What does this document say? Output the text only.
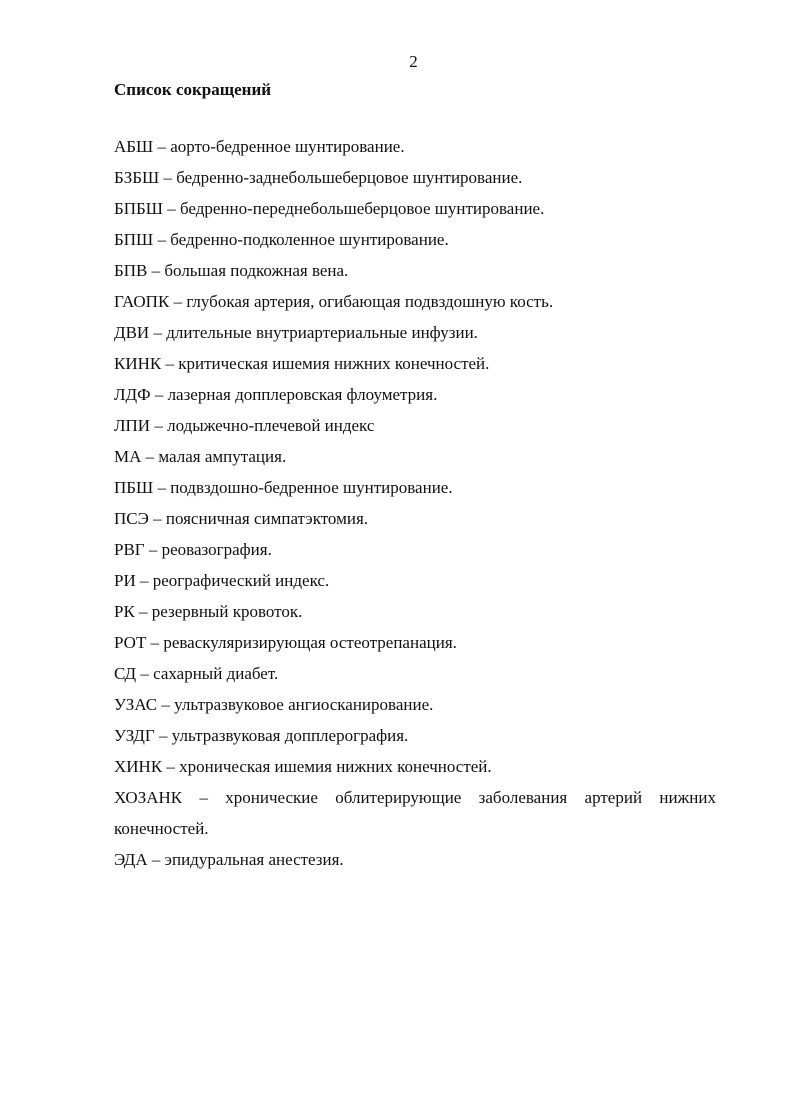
2
Список сокращений
АБШ – аорто-бедренное шунтирование.
БЗБШ – бедренно-заднебольшеберцовое шунтирование.
БПБШ – бедренно-переднебольшеберцовое шунтирование.
БПШ – бедренно-подколенное шунтирование.
БПВ – большая подкожная вена.
ГАОПК – глубокая артерия, огибающая подвздошную кость.
ДВИ – длительные внутриартериальные инфузии.
КИНК – критическая ишемия нижних конечностей.
ЛДФ – лазерная допплеровская флоуметрия.
ЛПИ – лодыжечно-плечевой индекс
МА – малая ампутация.
ПБШ – подвздошно-бедренное шунтирование.
ПСЭ – поясничная симпатэктомия.
РВГ – реовазография.
РИ – реографический индекс.
РК – резервный кровоток.
РОТ – реваскуляризирующая остеотрепанация.
СД – сахарный диабет.
УЗАС – ультразвуковое ангиосканирование.
УЗДГ – ультразвуковая допплерография.
ХИНК – хроническая ишемия нижних конечностей.
ХОЗАНК – хронические облитерирующие заболевания артерий нижних конечностей.
ЭДА – эпидуральная анестезия.
